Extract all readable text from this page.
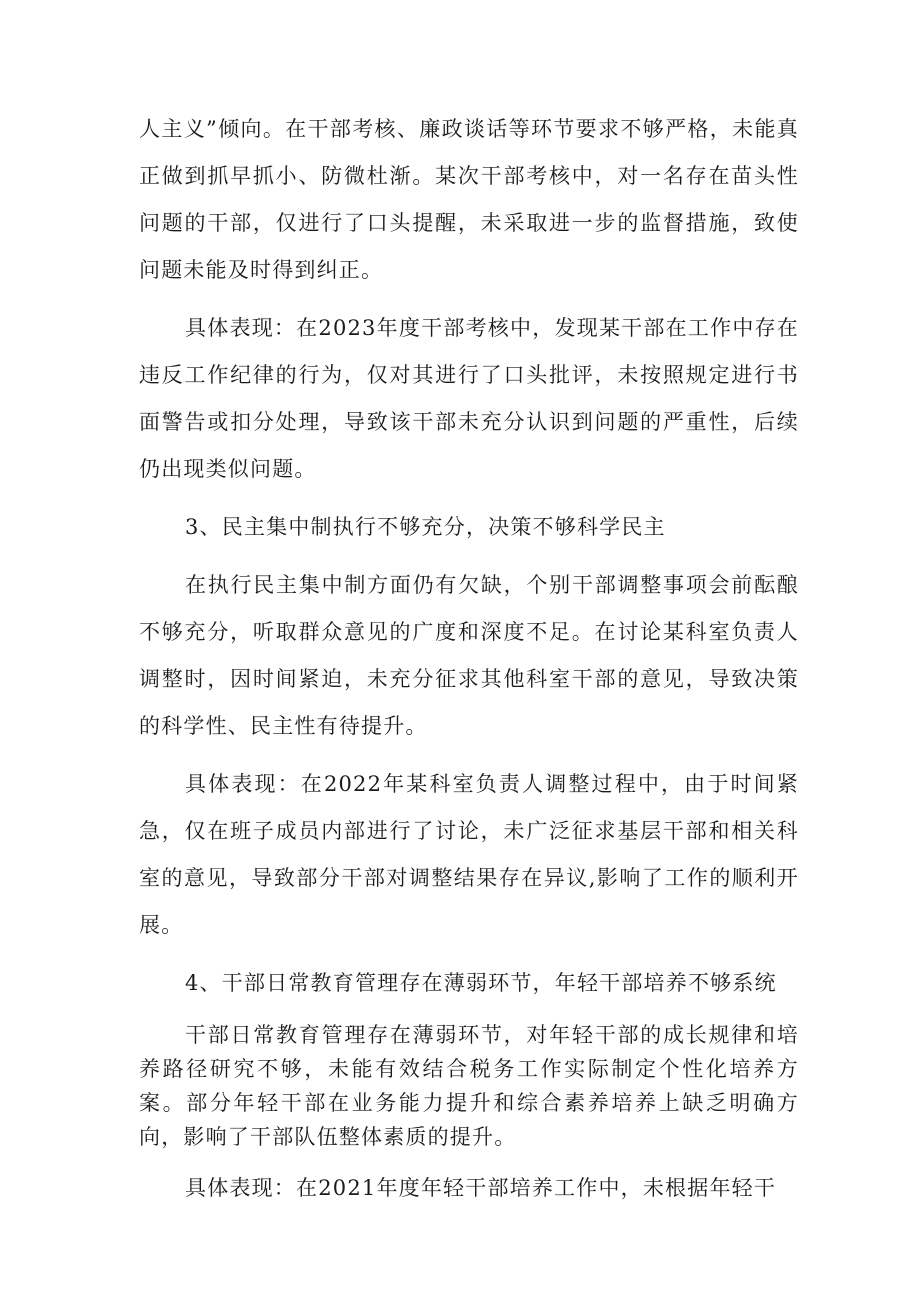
人主义”倾向。在干部考核、廉政谈话等环节要求不够严格，未能真正做到抓早抓小、防微杜渐。某次干部考核中，对一名存在苗头性问题的干部，仅进行了口头提醒，未采取进一步的监督措施，致使问题未能及时得到纠正。

具体表现：在2023年度干部考核中，发现某干部在工作中存在违反工作纪律的行为，仅对其进行了口头批评，未按照规定进行书面警告或扣分处理，导致该干部未充分认识到问题的严重性，后续仍出现类似问题。

3、民主集中制执行不够充分，决策不够科学民主

在执行民主集中制方面仍有欠缺，个别干部调整事项会前酝酿不够充分，听取群众意见的广度和深度不足。在讨论某科室负责人调整时，因时间紧迫，未充分征求其他科室干部的意见，导致决策的科学性、民主性有待提升。

具体表现：在2022年某科室负责人调整过程中，由于时间紧急，仅在班子成员内部进行了讨论，未广泛征求基层干部和相关科室的意见，导致部分干部对调整结果存在异议,影响了工作的顺利开展。

4、干部日常教育管理存在薄弱环节，年轻干部培养不够系统

干部日常教育管理存在薄弱环节，对年轻干部的成长规律和培养路径研究不够，未能有效结合税务工作实际制定个性化培养方案。部分年轻干部在业务能力提升和综合素养培养上缺乏明确方向，影响了干部队伍整体素质的提升。

具体表现：在2021年度年轻干部培养工作中，未根据年轻干
